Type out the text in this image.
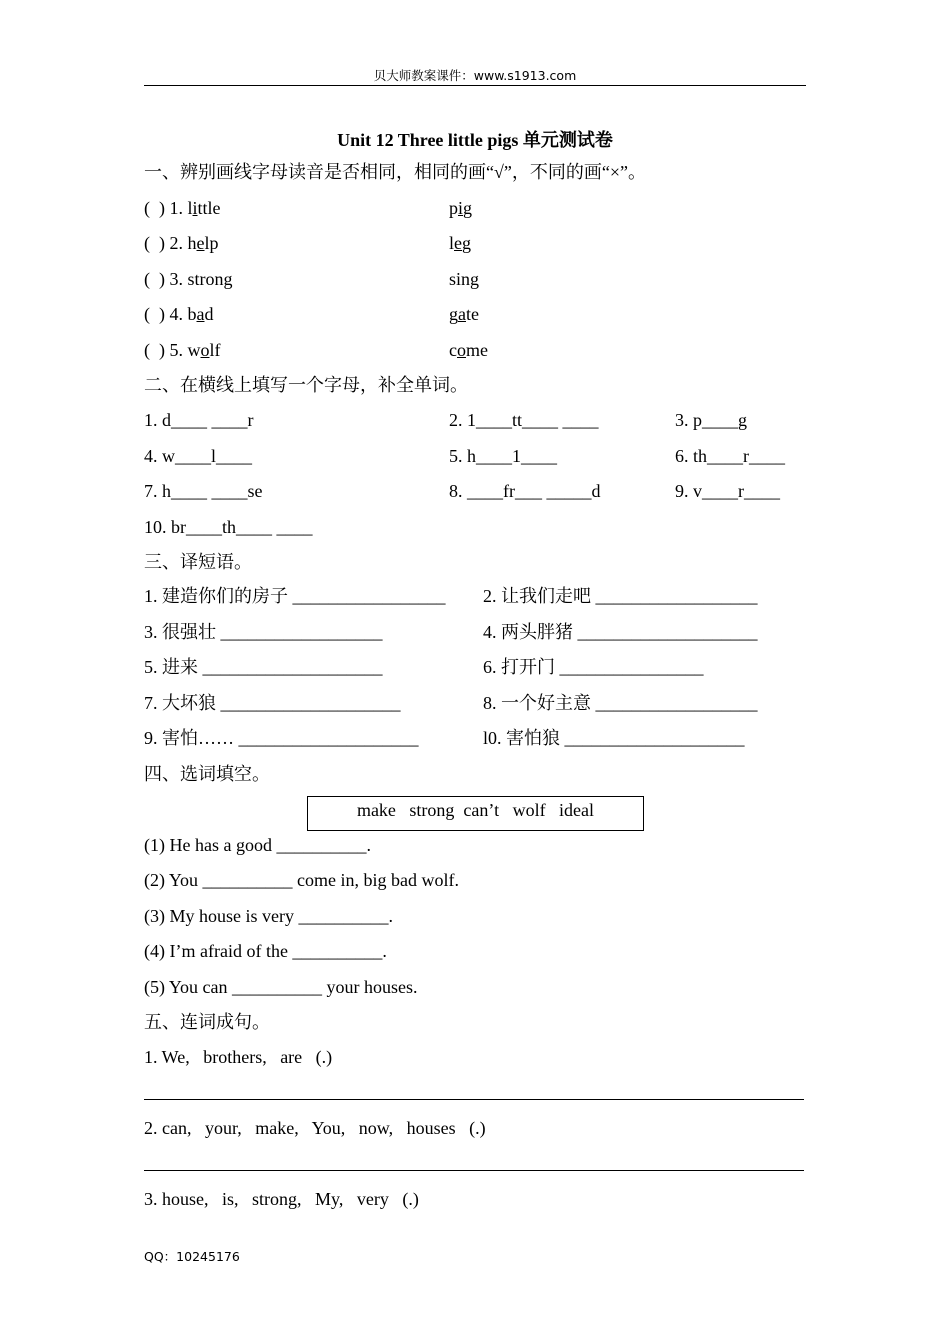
贝大师教案课件：www.s1913.com
Unit 12 Three little pigs 单元测试卷
一、辨别画线字母读音是否相同，相同的画“√”，不同的画“×”。
(  ) 1. little	pig
(  ) 2. help	leg
(  ) 3. strong	sing
(  ) 4. bad	gate
(  ) 5. wolf	come
二、在横线上填写一个字母，补全单词。
1. d____ ____r	2. 1____tt____ ____	3. p____g
4. w____l____	5. h____1____	6. th____r____
7. h____ ____se	8. ____fr___ _____d	9. v____r____
10. br____th____ ____
三、译短语。
1. 建造你们的房子 _________________ 2. 让我们走吧 __________________
3. 很强壮 __________________	4. 两头胖猪 ____________________
5. 进来 ____________________	6. 打开门 ________________
7. 大坏狼 ____________________	8. 一个好主意 __________________
9. 害怕…… ____________________	l0. 害怕狼 ____________________
四、选词填空。
make   strong  can’t   wolf   ideal
(1) He has a good __________.
(2) You __________ come in, big bad wolf.
(3) My house is very __________.
(4) I’m afraid of the __________.
(5) You can __________ your houses.
五、连词成句。
1. We,   brothers,   are   (.)
2. can,   your,   make,   You,   now,   houses   (.)
3. house,   is,   strong,   My,   very   (.)
QQ：10245176
